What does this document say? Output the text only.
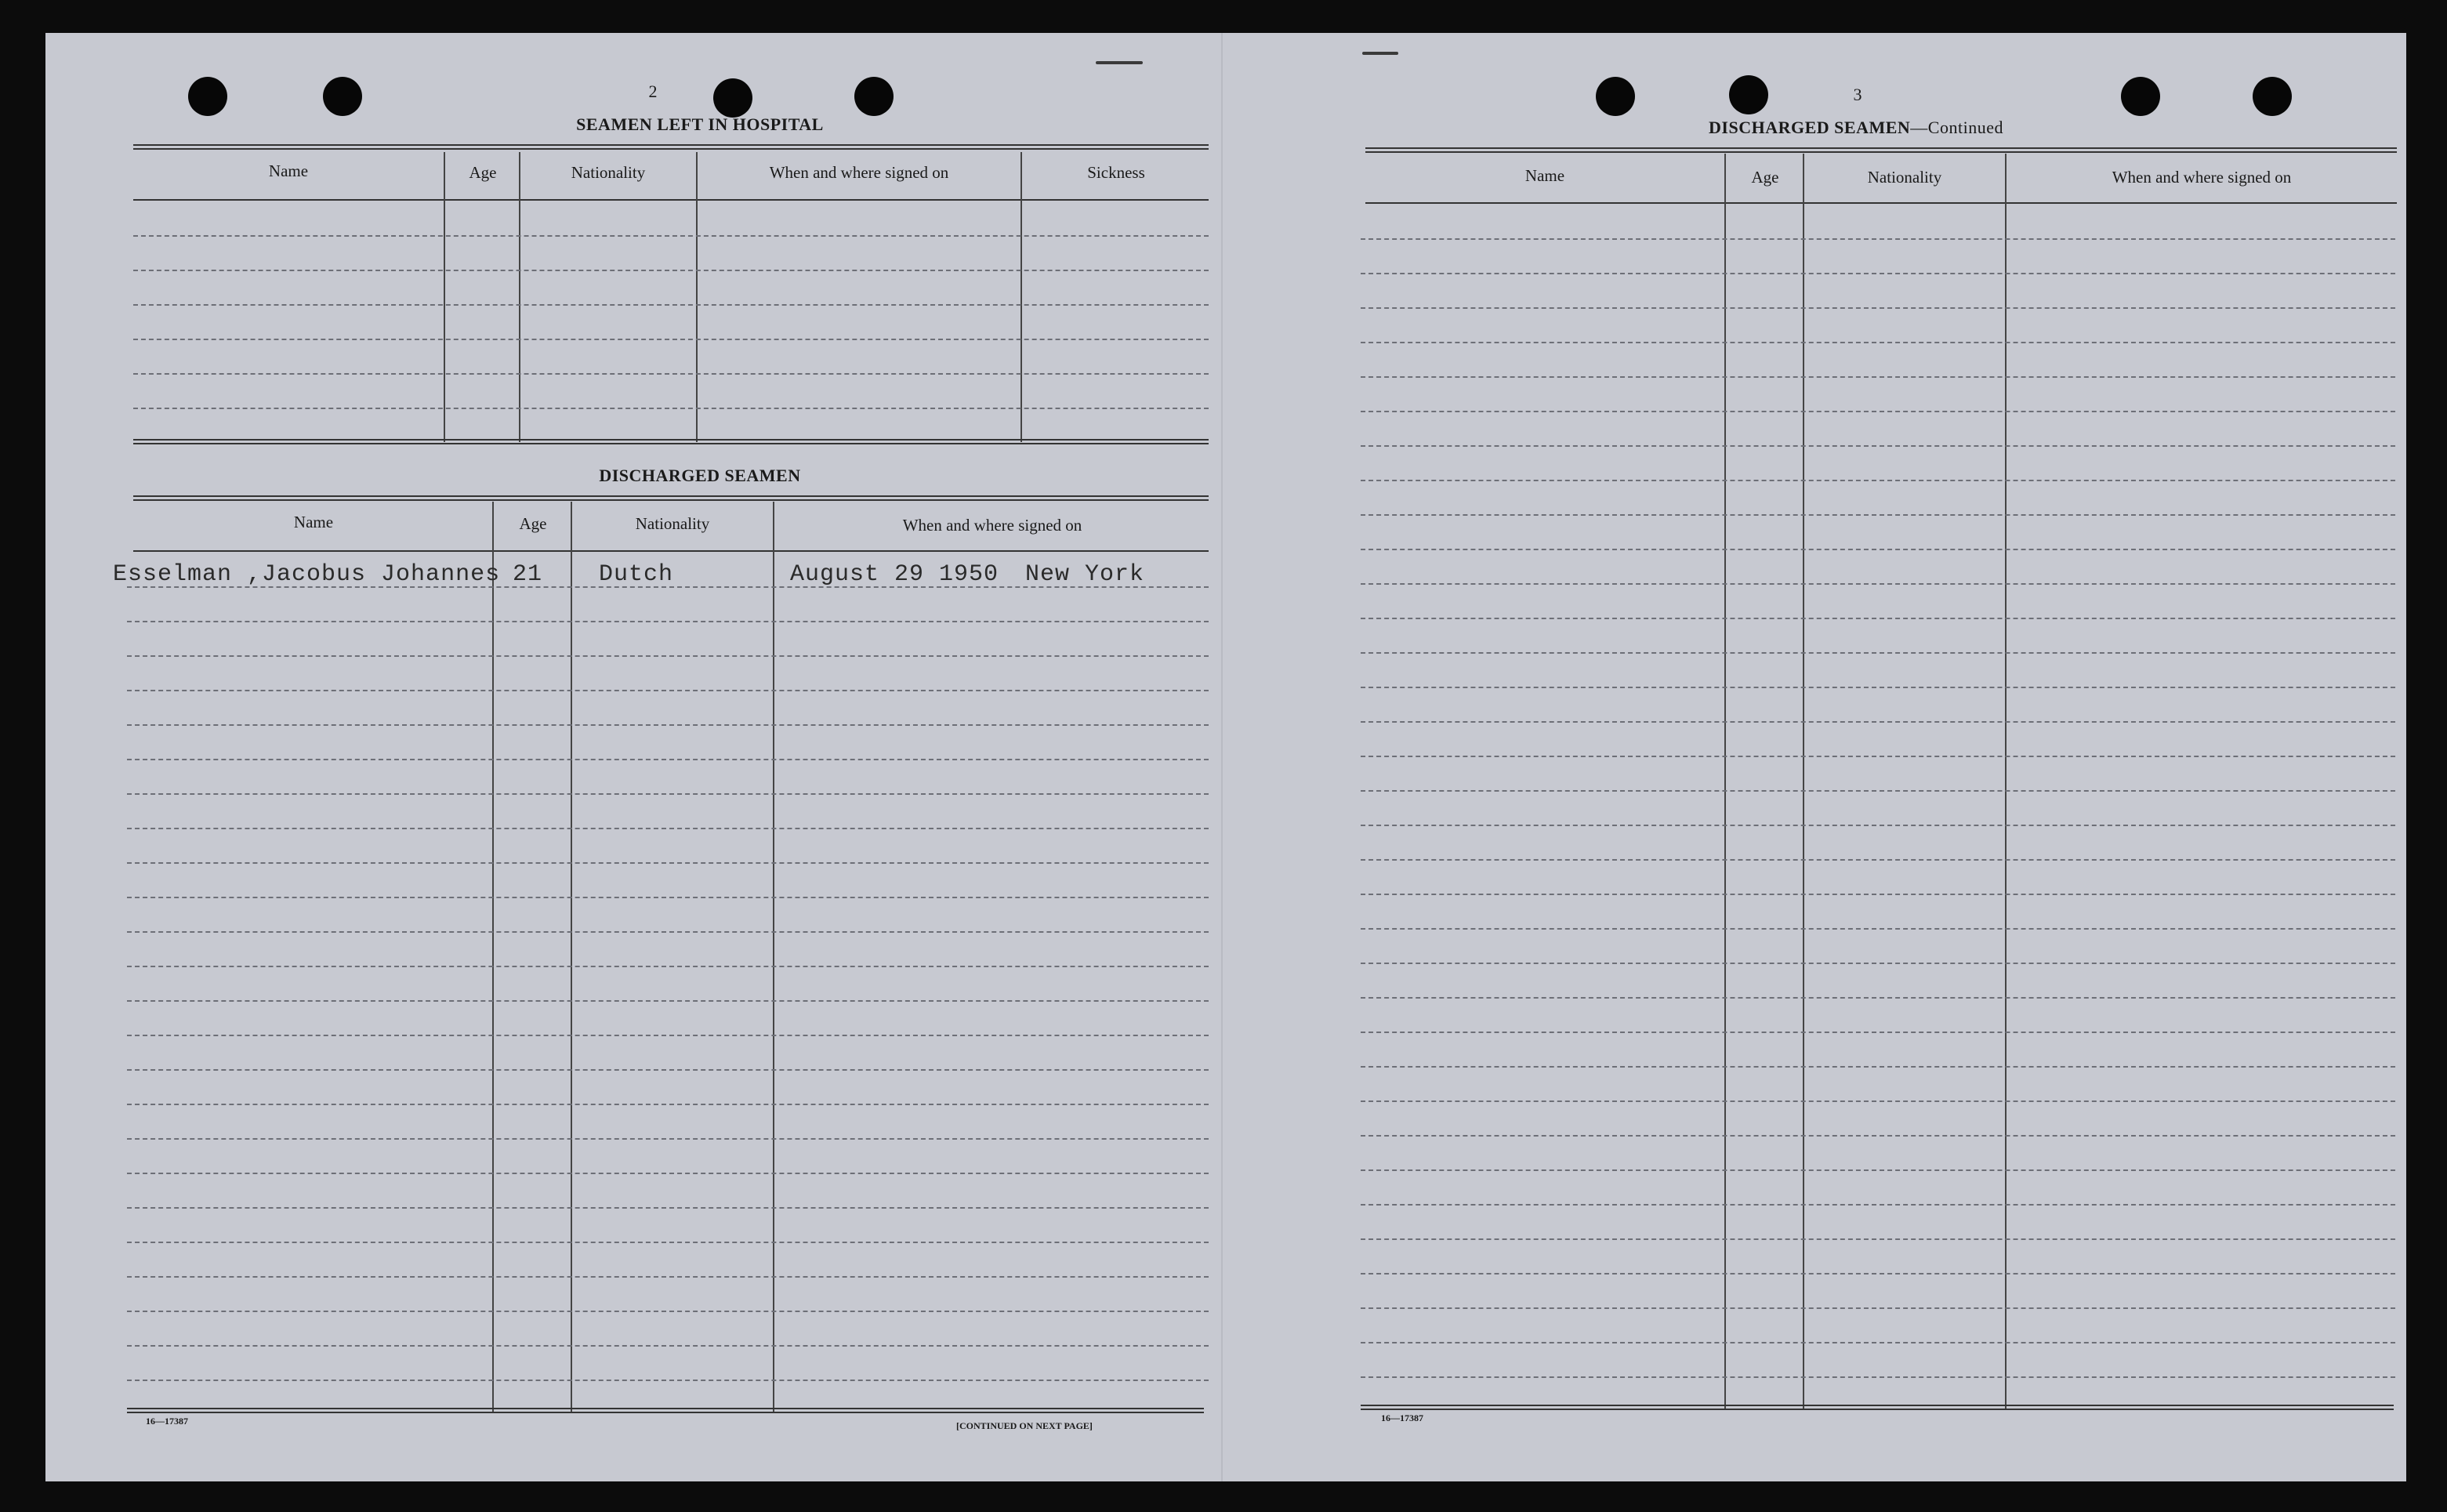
2
SEAMEN LEFT IN HOSPITAL
Name	Age	Nationality	When and where signed on	Sickness
DISCHARGED SEAMEN
Name	Age	Nationality	When and where signed on
Esselman ,Jacobus Johannes 21 Dutch	August 29 1950 New York
16—17387	[CONTINUED ON NEXT PAGE]
3
DISCHARGED SEAMEN—Continued
Name	Age	Nationality	When and where signed on
16—17387
